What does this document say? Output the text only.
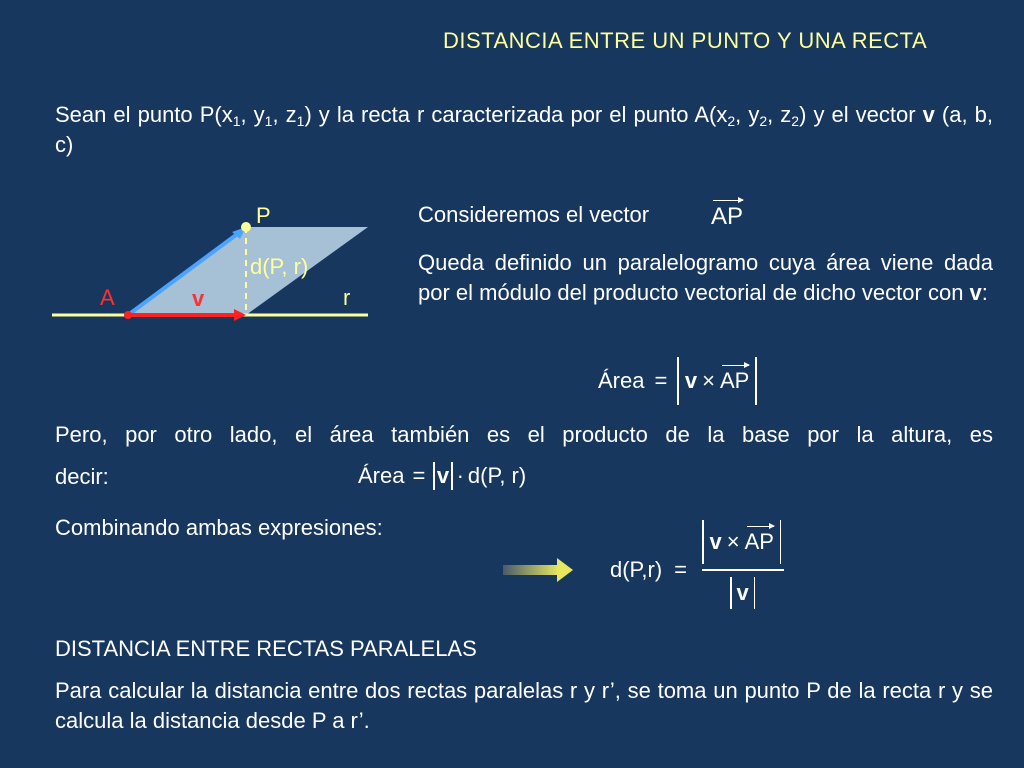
DISTANCIA ENTRE UN PUNTO Y UNA RECTA
Sean el punto $P(x_1$, $y_1$, $z_1$) y la recta r caracterizada por el punto $A(x_2$, $y_2$, $z_2$) y el vector v (a, b, c)
P
d(P, r)
A	v	r
Consideremos el vector	AP
Queda definido un paralelogramo cuya área viene dada por el módulo del producto vectorial de dicho vector con v:
Área = v × AP
Pero, por otro lado, el área también es el producto de la base por la altura, es
decir:	Área = v · d(P, r)
Combinando ambas expresiones:
d(P,r) =
v × AP
v
DISTANCIA ENTRE RECTAS PARALELAS
Para calcular la distancia entre dos rectas paralelas r y r’, se toma un punto P de la recta r y se calcula la distancia desde P a r’.
